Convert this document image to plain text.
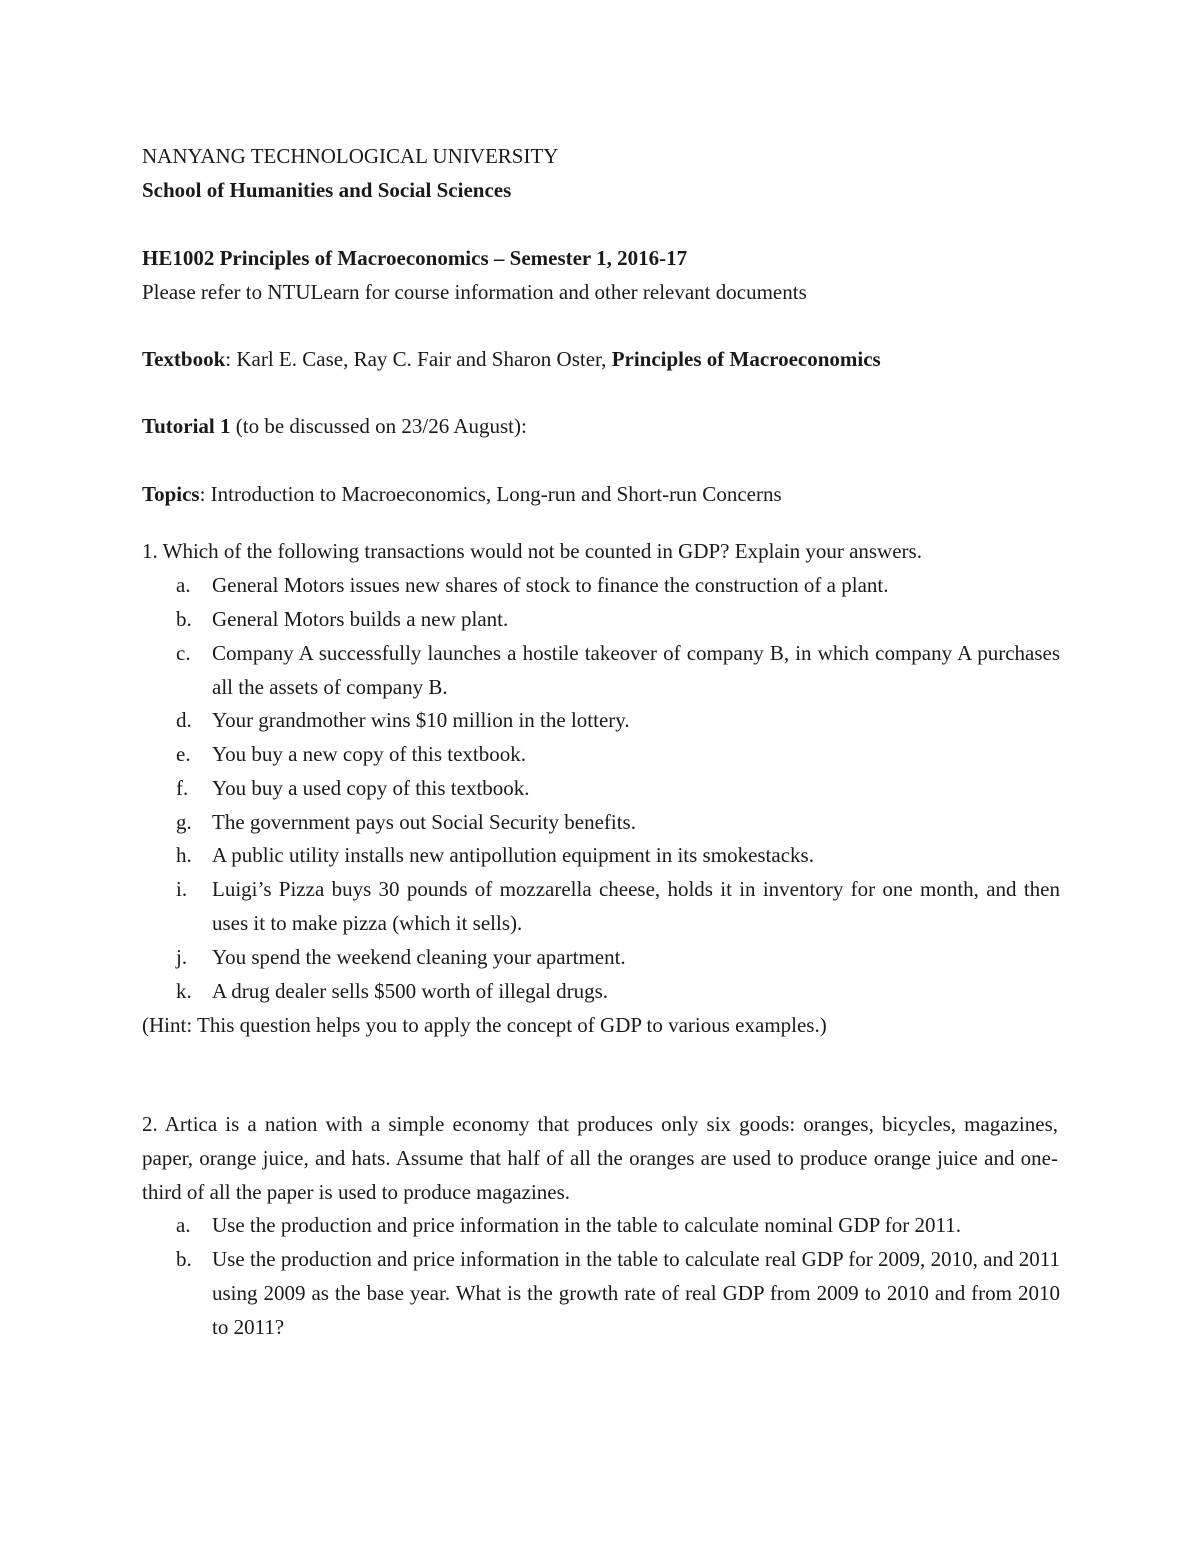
NANYANG TECHNOLOGICAL UNIVERSITY
School of Humanities and Social Sciences
HE1002 Principles of Macroeconomics – Semester 1, 2016-17
Please refer to NTULearn for course information and other relevant documents
Textbook: Karl E. Case, Ray C. Fair and Sharon Oster, Principles of Macroeconomics
Tutorial 1 (to be discussed on 23/26 August):
Topics: Introduction to Macroeconomics, Long-run and Short-run Concerns
1. Which of the following transactions would not be counted in GDP? Explain your answers.
a. General Motors issues new shares of stock to finance the construction of a plant.
b. General Motors builds a new plant.
c. Company A successfully launches a hostile takeover of company B, in which company A purchases all the assets of company B.
d. Your grandmother wins $10 million in the lottery.
e. You buy a new copy of this textbook.
f. You buy a used copy of this textbook.
g. The government pays out Social Security benefits.
h. A public utility installs new antipollution equipment in its smokestacks.
i. Luigi’s Pizza buys 30 pounds of mozzarella cheese, holds it in inventory for one month, and then uses it to make pizza (which it sells).
j. You spend the weekend cleaning your apartment.
k. A drug dealer sells $500 worth of illegal drugs.
(Hint: This question helps you to apply the concept of GDP to various examples.)
2. Artica is a nation with a simple economy that produces only six goods: oranges, bicycles, magazines, paper, orange juice, and hats. Assume that half of all the oranges are used to produce orange juice and one-third of all the paper is used to produce magazines.
a. Use the production and price information in the table to calculate nominal GDP for 2011.
b. Use the production and price information in the table to calculate real GDP for 2009, 2010, and 2011 using 2009 as the base year. What is the growth rate of real GDP from 2009 to 2010 and from 2010 to 2011?
